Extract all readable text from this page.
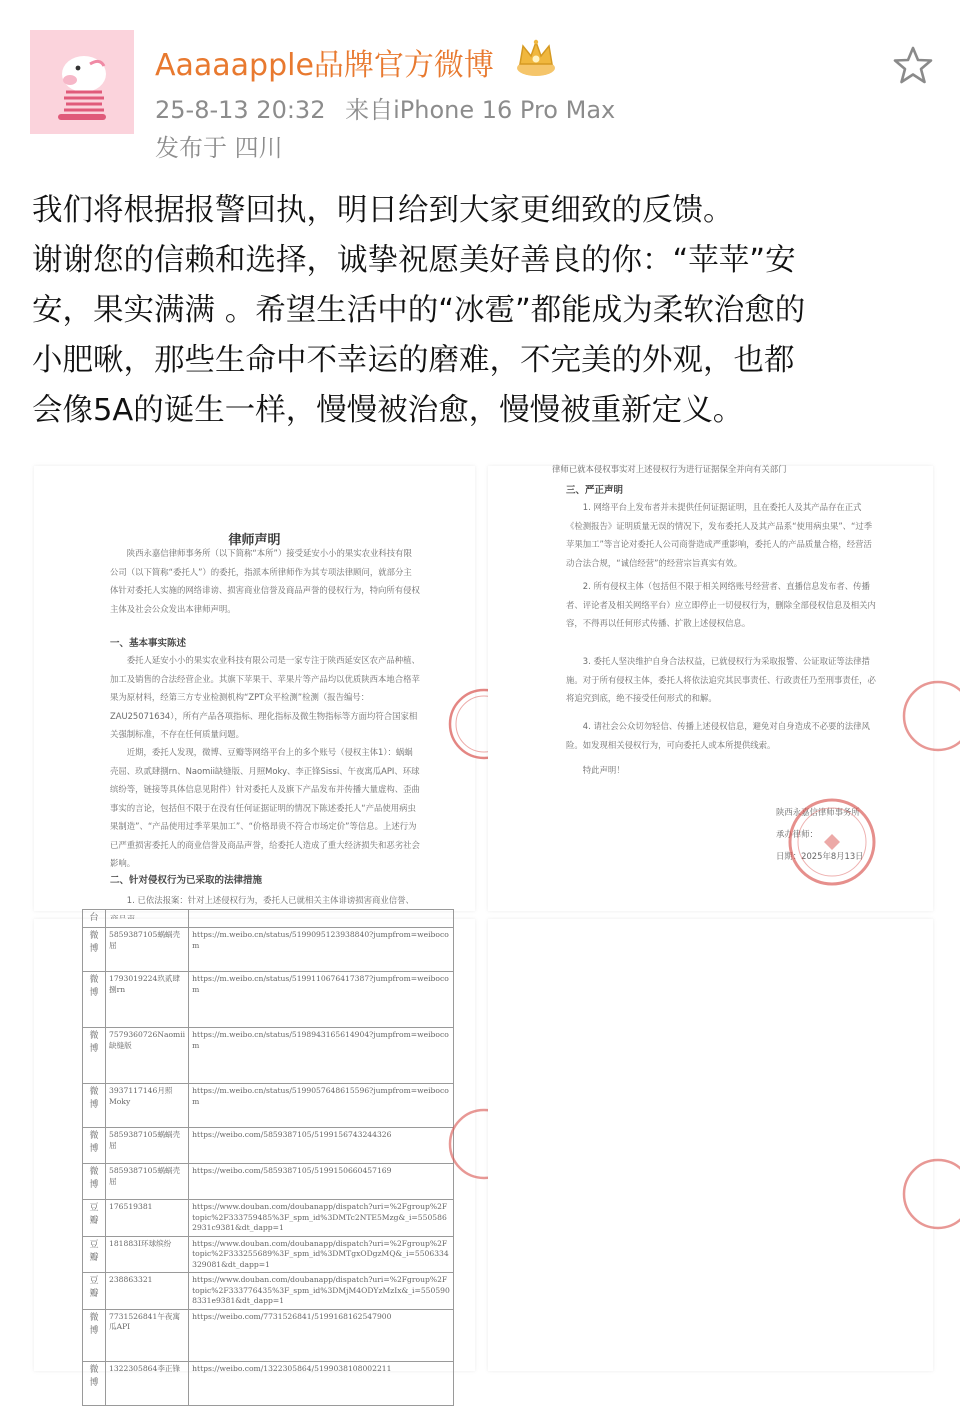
Aaaaapple品牌官方微博
25-8-13 20:32 来自iPhone 16 Pro Max
发布于 四川

我们将根据报警回执，明日给到大家更细致的反馈。

谢谢您的信赖和选择，诚挚祝愿美好善良的你：“苹苹”安

安，果实满满 。希望生活中的“冰雹”都能成为柔软治愈的

小肥啾，那些生命中不幸运的磨难，不完美的外观，也都

会像5A的诞生一样，慢慢被治愈，慢慢被重新定义。

律师声明

陕西永嘉信律师事务所（以下简称“本所”）接受延安小小的果实农业科技有限公司（以下简称“委托人”）的委托，指派本所律师作为其专项法律顾问，就部分主体针对委托人实施的网络诽谤、损害商业信誉及商品声誉的侵权行为，特向所有侵权主体及社会公众发出本律师声明。

一、基本事实陈述

委托人延安小小的果实农业科技有限公司是一家专注于陕西延安区农产品种植、加工及销售的合法经营企业。其旗下苹果干、苹果片等产品均以优质陕西本地合格苹果为原材料，经第三方专业检测机构“ZPT众平检测”检测（报告编号：ZAU25071634），所有产品各项指标、理化指标及微生物指标等方面均符合国家相关强制标准，不存在任何质量问题。

近期，委托人发现，微博、豆瓣等网络平台上的多个账号（侵权主体1）：蜗蜗壳屈、玖贰肆捌rn、Naomii缺缝版、月照Moky、李正锋Sissi、午夜寓瓜API、环球缤纷等，链接等具体信息见附件）针对委托人及旗下产品发布并传播大量虚构、歪曲事实的言论，包括但不限于在没有任何证据证明的情况下陈述委托人“产品使用病虫果制造”、“产品使用过季苹果加工”、“价格昂贵不符合市场定价”等信息。上述行为已严重损害委托人的商业信誉及商品声誉，给委托人造成了重大经济损失和恶劣社会影响。

二、针对侵权行为已采取的法律措施

1. 已依法报案：针对上述侵权行为，委托人已就相关主体诽谤损害商业信誉、

律师已就本侵权事实对上述侵权行为进行证据保全并向有关部门
三、严正声明

1. 网络平台上发布者并未提供任何证据证明，且在委托人及其产品存在正式《检测报告》证明质量无误的情况下，发布委托人及其产品系“使用病虫果”、“过季苹果加工”等言论对委托人公司商誉造成严重影响，委托人的产品质量合格，经营活动合法合规，“诚信经营”的经营宗旨真实有效。

2. 所有侵权主体（包括但不限于相关网络账号经营者、直播信息发布者、传播者、评论者及相关网络平台）应立即停止一切侵权行为，删除全部侵权信息及相关内容，不得再以任何形式传播、扩散上述侵权信息。

3. 委托人坚决维护自身合法权益，已就侵权行为采取报警、公证取证等法律措施。对于所有侵权主体，委托人将依法追究其民事责任、行政责任乃至刑事责任，必将追究到底，绝不接受任何形式的和解。

4. 请社会公众切勿轻信、传播上述侵权信息，避免对自身造成不必要的法律风险。如发现相关侵权行为，可向委托人或本所提供线索。

特此声明！

陕西永嘉信律师事务所
承办律师：
日期：2025年8月13日
台		
微博	5859387105蜗蜗壳屈	https://m.weibo.cn/status/5199095123938840?jumpfrom=weibocom
微博	1793019224玖贰肆捌rn	https://m.weibo.cn/status/5199110676417387?jumpfrom=weibocom
微博	7579360726Naomii缺缝版	https://m.weibo.cn/status/5198943165614904?jumpfrom=weibocom
微博	3937117146月照Moky	https://m.weibo.cn/status/5199057648615596?jumpfrom=weibocom
微博	5859387105蜗蜗壳屈	https://weibo.com/5859387105/5199156743244326
微博	5859387105蜗蜗壳屈	https://weibo.com/5859387105/5199150660457169
豆瓣	176519381	https://www.douban.com/doubanapp/dispatch?uri=%2Fgroup%2Ftopic%2F333759485%3F_spm_id%3DMTc2NTE5Mzg&_i=5505862931c9381&dt_dapp=1
豆瓣	181883I环球缤纷	https://www.douban.com/doubanapp/dispatch?uri=%2Fgroup%2Ftopic%2F333255689%3F_spm_id%3DMTgxODgzMQ&_i=5506334329081&dt_dapp=1
豆瓣	238863321	https://www.douban.com/doubanapp/dispatch?uri=%2Fgroup%2Ftopic%2F333776435%3F_spm_id%3DMjM4ODYzMzIx&_i=5505908331e9381&dt_dapp=1
微博	7731526841午夜寓瓜API	https://weibo.com/7731526841/5199168162547900
微博	1322305864李正锋	https://weibo.com/1322305864/5199038108002211
